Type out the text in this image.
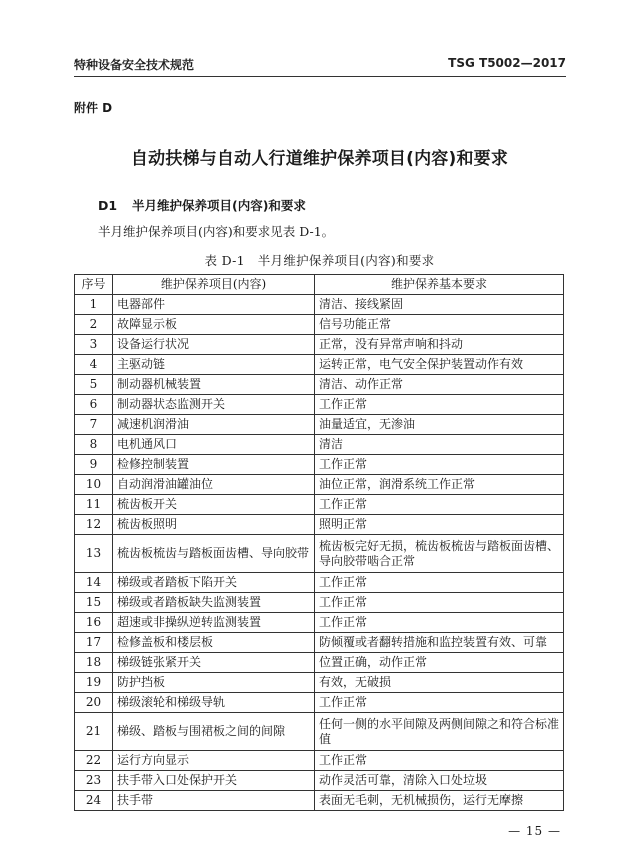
特种设备安全技术规范	TSG T5002—2017
附件 D
自动扶梯与自动人行道维护保养项目(内容)和要求
D1 半月维护保养项目(内容)和要求
半月维护保养项目(内容)和要求见表 D-1。
表 D-1　半月维护保养项目(内容)和要求
序号	维护保养项目(内容)	维护保养基本要求
1	电器部件	清洁、接线紧固
2	故障显示板	信号功能正常
3	设备运行状况	正常，没有异常声响和抖动
4	主驱动链	运转正常，电气安全保护装置动作有效
5	制动器机械装置	清洁、动作正常
6	制动器状态监测开关	工作正常
7	减速机润滑油	油量适宜，无渗油
8	电机通风口	清洁
9	检修控制装置	工作正常
10	自动润滑油罐油位	油位正常，润滑系统工作正常
11	梳齿板开关	工作正常
12	梳齿板照明	照明正常
13	梳齿板梳齿与踏板面齿槽、导向胶带	梳齿板完好无损，梳齿板梳齿与踏板面齿槽、导向胶带啮合正常
14	梯级或者踏板下陷开关	工作正常
15	梯级或者踏板缺失监测装置	工作正常
16	超速或非操纵逆转监测装置	工作正常
17	检修盖板和楼层板	防倾覆或者翻转措施和监控装置有效、可靠
18	梯级链张紧开关	位置正确，动作正常
19	防护挡板	有效，无破损
20	梯级滚轮和梯级导轨	工作正常
21	梯级、踏板与围裙板之间的间隙	任何一侧的水平间隙及两侧间隙之和符合标准值
22	运行方向显示	工作正常
23	扶手带入口处保护开关	动作灵活可靠，清除入口处垃圾
24	扶手带	表面无毛刺，无机械损伤，运行无摩擦
— 15 —
